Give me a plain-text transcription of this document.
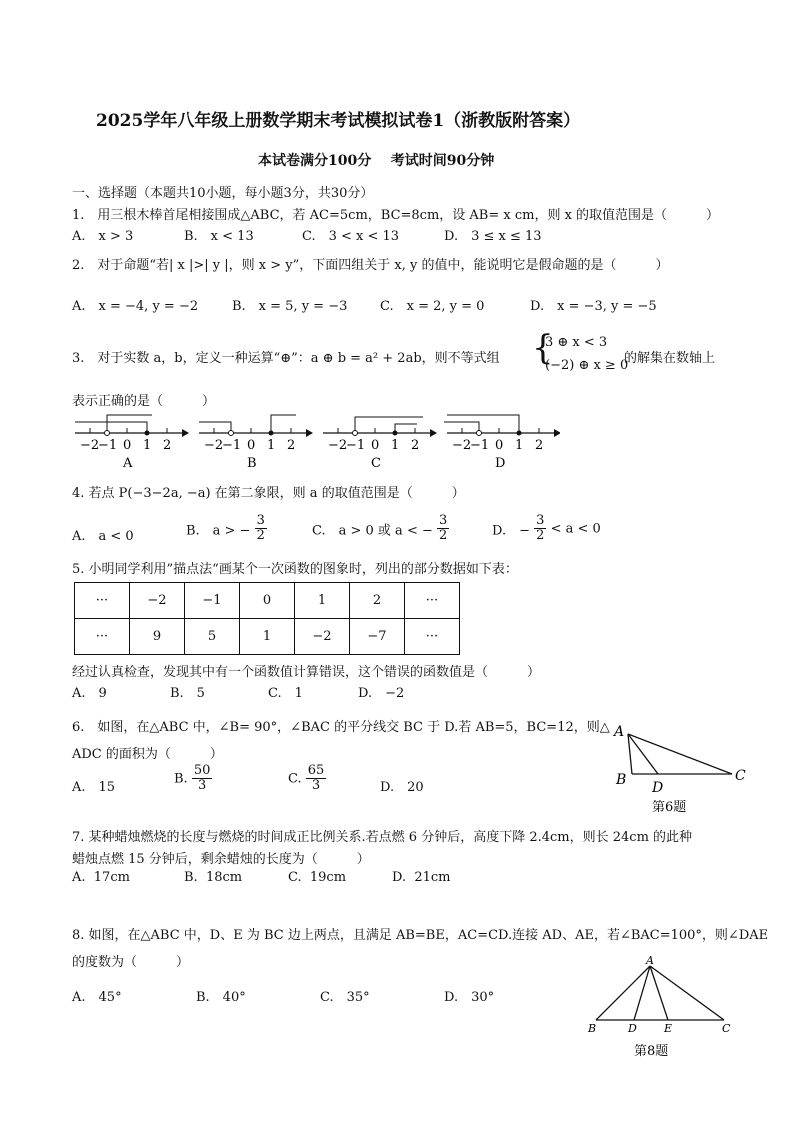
2025学年八年级上册数学期末考试模拟试卷1（浙教版附答案）
本试卷满分100分    考试时间90分钟
一、选择题（本题共10小题，每小题3分，共30分）
1.　用三根木棒首尾相接围成△ABC，若 AC=5cm，BC=8cm，设 AB= x cm，则 x 的取值范围是（　　　）
A.　x > 3	B.　x < 13	C.　3 < x < 13	D.　3 ≤ x ≤ 13
2.　对于命题“若| x |>| y |，则 x > y”，下面四组关于 x, y 的值中，能说明它是假命题的是（　　　）
A.　x = −4, y = −2	B.　x = 5, y = −3	C.　x = 2, y = 0	D.　x = −3, y = −5
3.　对于实数 a，b，定义一种运算“⊕”：a ⊕ b = a² + 2ab，则不等式组 {
3 ⊕ x < 3
(−2) ⊕ x ≥ 0
的解集在数轴上
表示正确的是（　　　）
−2
−1 0 1 2
A
−2
−1 0 1 2
B
−2
−1 0 1 2
C
−2
−1 0 1 2
D
4. 若点 P(−3−2a, −a) 在第二象限，则 a 的取值范围是（　　　）
A.　a < 0	B.　a > − $\frac{3}{2}$	C.　a > 0 或 a < − $\frac{3}{2}$	D.　− $\frac{3}{2} < a < 0$
5. 小明同学利用”描点法“画某个一次函数的图象时，列出的部分数据如下表：
···	−2	−1	0	1	2	···
···	9	5	1	−2	−7	···
经过认真检查，发现其中有一个函数值计算错误，这个错误的函数值是（　　　）
A.　9	B.　5	C.　1	D.　−2
6.　如图，在△ABC 中，∠B= 90°，∠BAC 的平分线交 BC 于 D.若 AB=5，BC=12，则△
ADC 的面积为（　　　）
A.　15
B. $\frac{50}{3}$	C. $\frac{65}{3}$	D.　20
A
B D
C
第6题
7. 某种蜡烛燃烧的长度与燃烧的时间成正比例关系.若点燃 6 分钟后，高度下降 2.4cm，则长 24cm 的此种
蜡烛点燃 15 分钟后，剩余蜡烛的长度为（　　　）
A.  17cm	B.  18cm	C.  19cm	D.  21cm
8. 如图，在△ABC 中，D、E 为 BC 边上两点，且满足 AB=BE，AC=CD.连接 AD、AE，若∠BAC=100°，则∠DAE
的度数为（　　　）
A.　45°	B.　40°	C.　35°	D.　30°
A
B	D E	C
第8题
